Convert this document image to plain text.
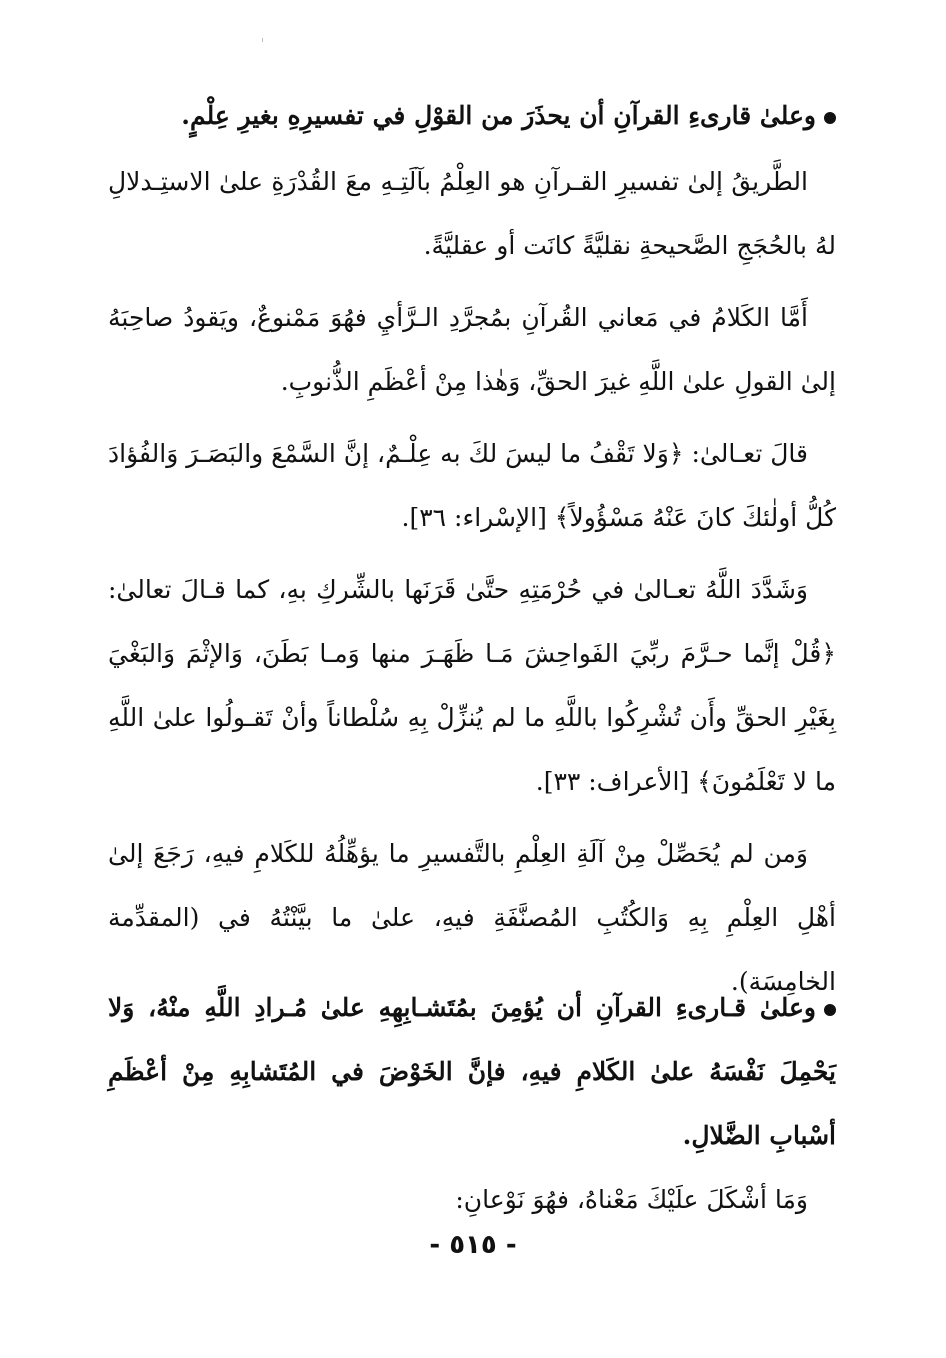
وعلىٰ قارىءِ القرآنِ أن يحذَرَ من القوْلِ في تفسيرِهِ بغيرِ عِلْمٍ.
الطَّريقُ إلىٰ تفسيرِ القـرآنِ هو العِلْمُ بآلَتِـهِ معَ القُدْرَةِ علىٰ الاستِـدلالِ لهُ بالحُجَجِ الصَّحيحةِ نقليَّةً كانَت أو عقليَّةً.
أَمَّا الكَلامُ في مَعاني القُرآنِ بمُجرَّدِ الـرَّأيِ فهُوَ مَمْنوعٌ، ويَقودُ صاحِبَهُ إلىٰ القولِ علىٰ اللَّهِ غيرَ الحقِّ، وَهٰذا مِنْ أعْظَمِ الذُّنوبِ.
قالَ تعـالىٰ: ﴿وَلا تَقْفُ ما ليسَ لكَ به عِلْـمٌ، إنَّ السَّمْعَ والبَصَـرَ وَالفُؤادَ كُلُّ أولٰئكَ كانَ عَنْهُ مَسْؤُولاً﴾ [الإسْراء: ٣٦].
وَشَدَّدَ اللَّهُ تعـالىٰ في حُرْمَتِهِ حتَّىٰ قَرَنَها بالشِّركِ بهِ، كما قـالَ تعالىٰ: ﴿قُلْ إنَّما حـرَّمَ ربِّيَ الفَواحِشَ مَـا ظَهَـرَ منها وَمـا بَطَنَ، وَالإثْمَ وَالبَغْيَ بِغَيْرِ الحقِّ وأَن تُشْرِكُوا باللَّهِ ما لم يُنزِّلْ بِهِ سُلْطاناً وأنْ تَقـولُوا علىٰ اللَّهِ ما لا تَعْلَمُونَ﴾ [الأعراف: ٣٣].
وَمن لم يُحَصِّلْ مِنْ آلَةِ العِلْمِ بالتَّفسيرِ ما يؤهِّلُهُ للكَلامِ فيهِ، رَجَعَ إلىٰ أهْلِ العِلْمِ بِهِ وَالكُتُبِ المُصنَّفَةِ فيهِ، علىٰ ما بيَّنْتُهُ في (المقدِّمة الخامِسَة).
وعلىٰ قـارىءِ القرآنِ أن يُؤمِنَ بمُتَشـابِهِهِ علىٰ مُـرادِ اللَّهِ منْهُ، وَلا يَحْمِلَ نَفْسَهُ علىٰ الكَلامِ فيهِ، فإنَّ الخَوْضَ في المُتَشابِهِ مِنْ أعْظَمِ أسْبابِ الضَّلالِ.
وَمَا أشْكَلَ علَيْكَ مَعْناهُ، فهُوَ نَوْعانِ:
- ٥١٥ -
